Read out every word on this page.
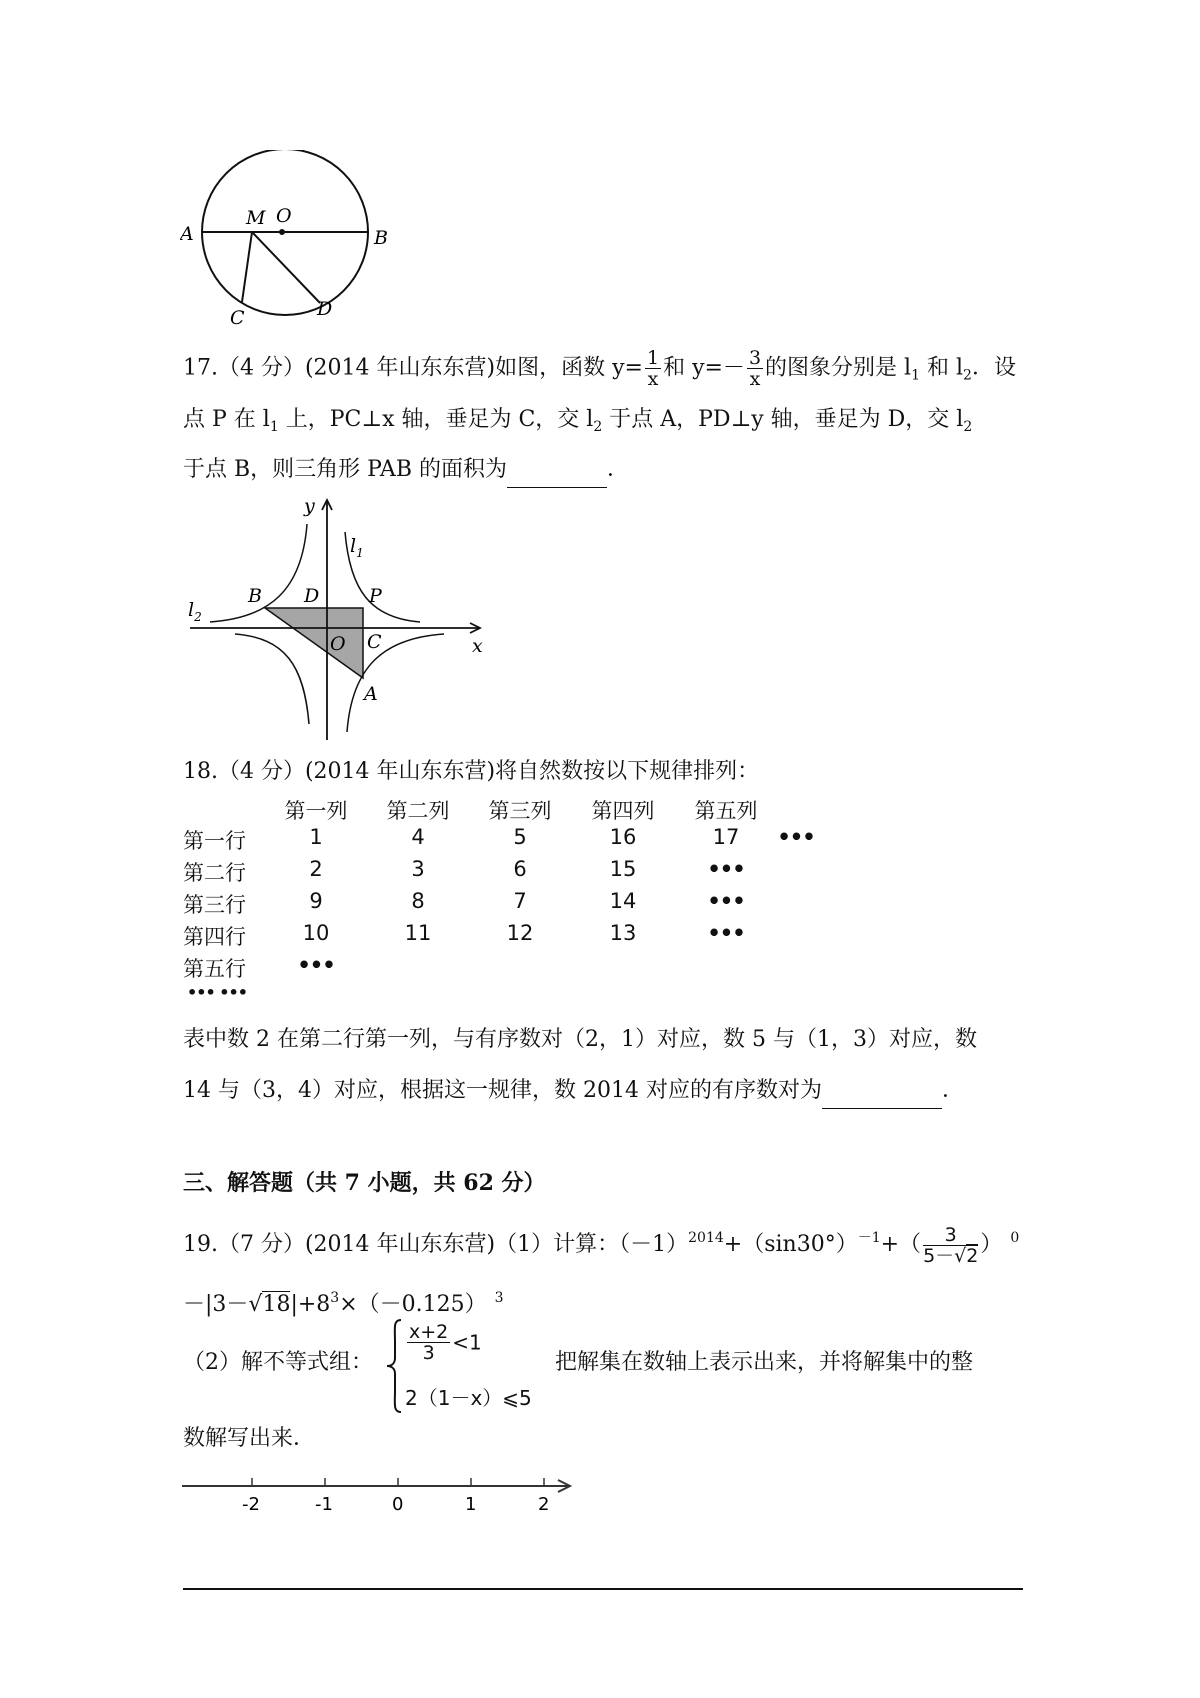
A
M O
B
C	D
17.（4 分）(2014 年山东东营)如图，函数 $y= \frac{1}{x}$ 和 $y=- \frac{3}{x}$ 的图象分别是 $l_1$ 和 $l_2$．设
点 P 在 $l_1$ 上，PC⊥x 轴，垂足为 C，交 $l_2$ 于点 A，PD⊥y 轴，垂足为 D，交 $l_2$
于点 B，则三角形 PAB 的面积为	．
y
x
$l_1$
$l_2$
B D	P
O C
A
18.（4 分）(2014 年山东东营)将自然数按以下规律排列：
第一列	第二列	第三列	第四列	第五列
第一行	1	4	5	16	17	•••
第二行	2	3	6	15	•••
第三行	9	8	7	14	•••
第四行	10	11	12	13	•••
第五行	•••
••• •••
表中数 2 在第二行第一列，与有序数对（2，1）对应，数 5 与（1，3）对应，数
14 与（3，4）对应，根据这一规律，数 2014 对应的有序数对为	．
三、解答题（共 7 小题，共 62 分）
19.（7 分）(2014 年山东东营)（1）计算：$(-1)^{2014}+(\sin 30^\circ)^{-1}+( \frac{3}{5-√2}$ ） $^0$
$-|3-√18|+8^3\times(-0.125)$ $^3$
（2）解不等式组： $\frac{x+2}{3} <1$
2（1－x）⩽5
把解集在数轴上表示出来，并将解集中的整
数解写出来．
-2	-1	0	1	2
